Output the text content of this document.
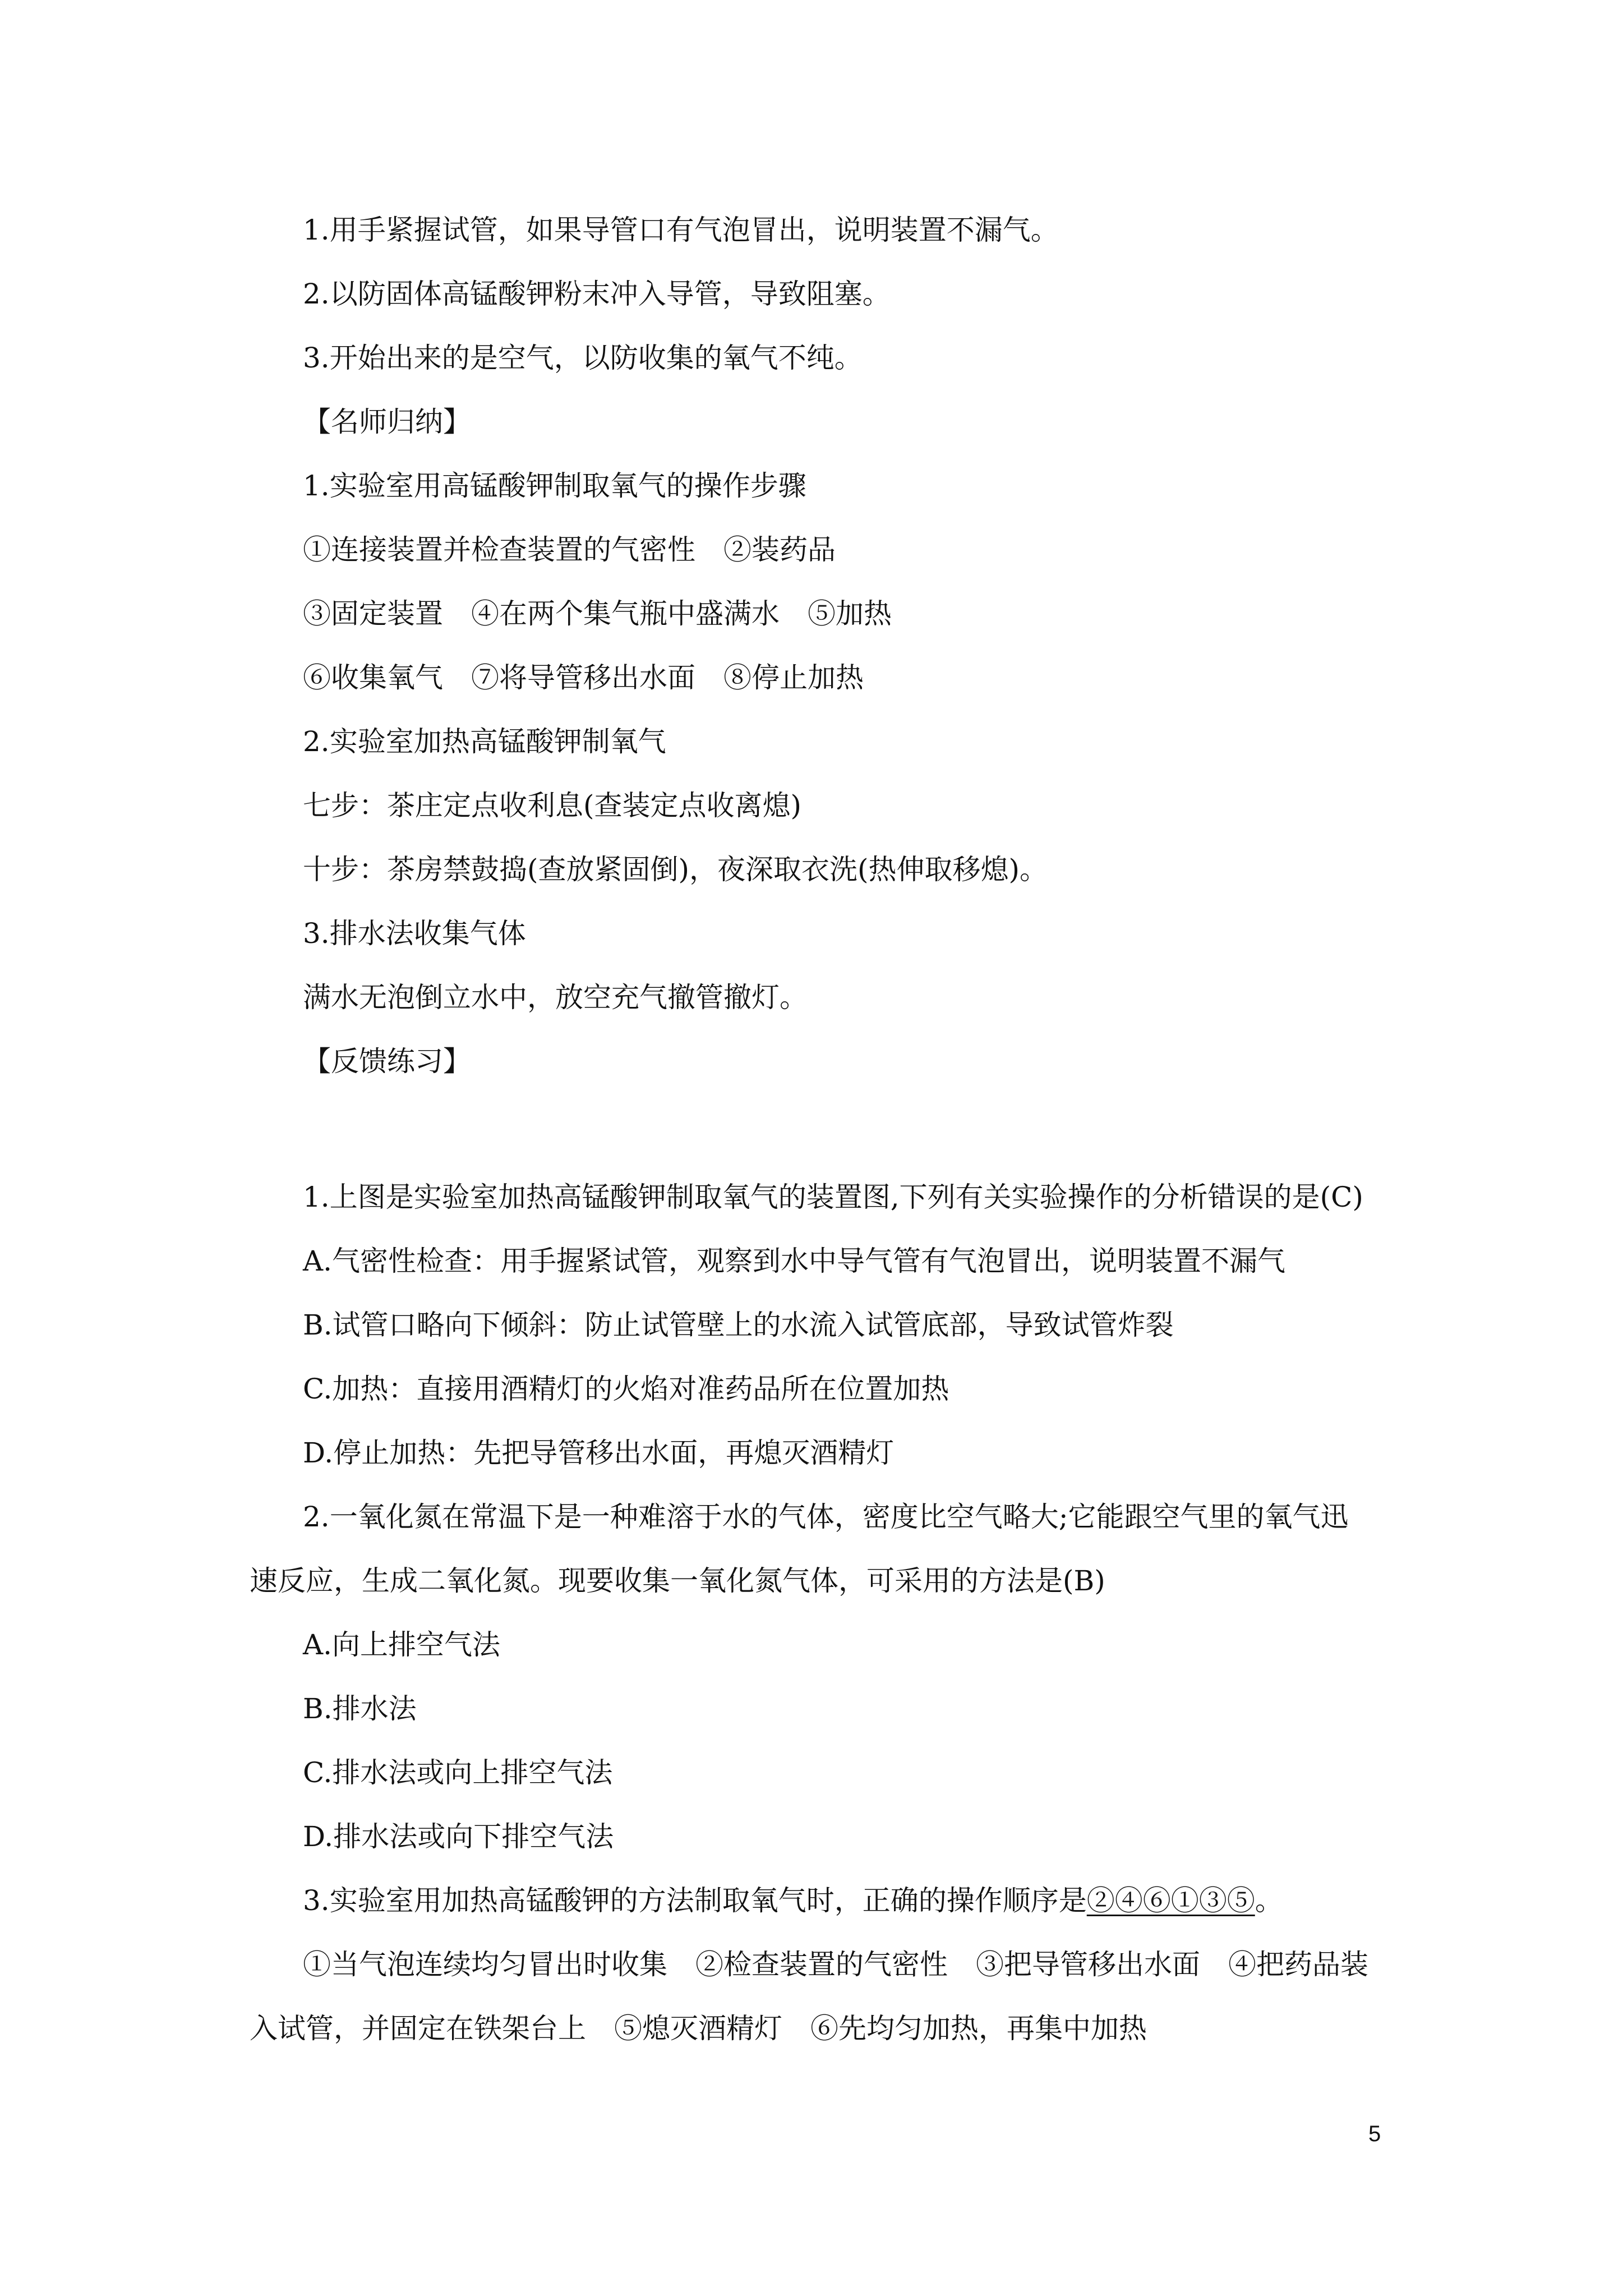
1.用手紧握试管，如果导管口有气泡冒出，说明装置不漏气。
2.以防固体高锰酸钾粉末冲入导管，导致阻塞。
3.开始出来的是空气，以防收集的氧气不纯。
【名师归纳】
1.实验室用高锰酸钾制取氧气的操作步骤
①连接装置并检查装置的气密性　②装药品
③固定装置　④在两个集气瓶中盛满水　⑤加热
⑥收集氧气　⑦将导管移出水面　⑧停止加热
2.实验室加热高锰酸钾制氧气
七步：茶庄定点收利息(查装定点收离熄)
十步：茶房禁鼓捣(查放紧固倒)，夜深取衣洗(热伸取移熄)。
3.排水法收集气体
满水无泡倒立水中，放空充气撤管撤灯。
【反馈练习】
1.上图是实验室加热高锰酸钾制取氧气的装置图,下列有关实验操作的分析错误的是(C)
A.气密性检查：用手握紧试管，观察到水中导气管有气泡冒出，说明装置不漏气
B.试管口略向下倾斜：防止试管壁上的水流入试管底部，导致试管炸裂
C.加热：直接用酒精灯的火焰对准药品所在位置加热
D.停止加热：先把导管移出水面，再熄灭酒精灯
2.一氧化氮在常温下是一种难溶于水的气体，密度比空气略大;它能跟空气里的氧气迅
速反应，生成二氧化氮。现要收集一氧化氮气体，可采用的方法是(B)
A.向上排空气法
B.排水法
C.排水法或向上排空气法
D.排水法或向下排空气法
3.实验室用加热高锰酸钾的方法制取氧气时，正确的操作顺序是②④⑥①③⑤。
①当气泡连续均匀冒出时收集　②检查装置的气密性　③把导管移出水面　④把药品装
入试管，并固定在铁架台上　⑤熄灭酒精灯　⑥先均匀加热，再集中加热
5
